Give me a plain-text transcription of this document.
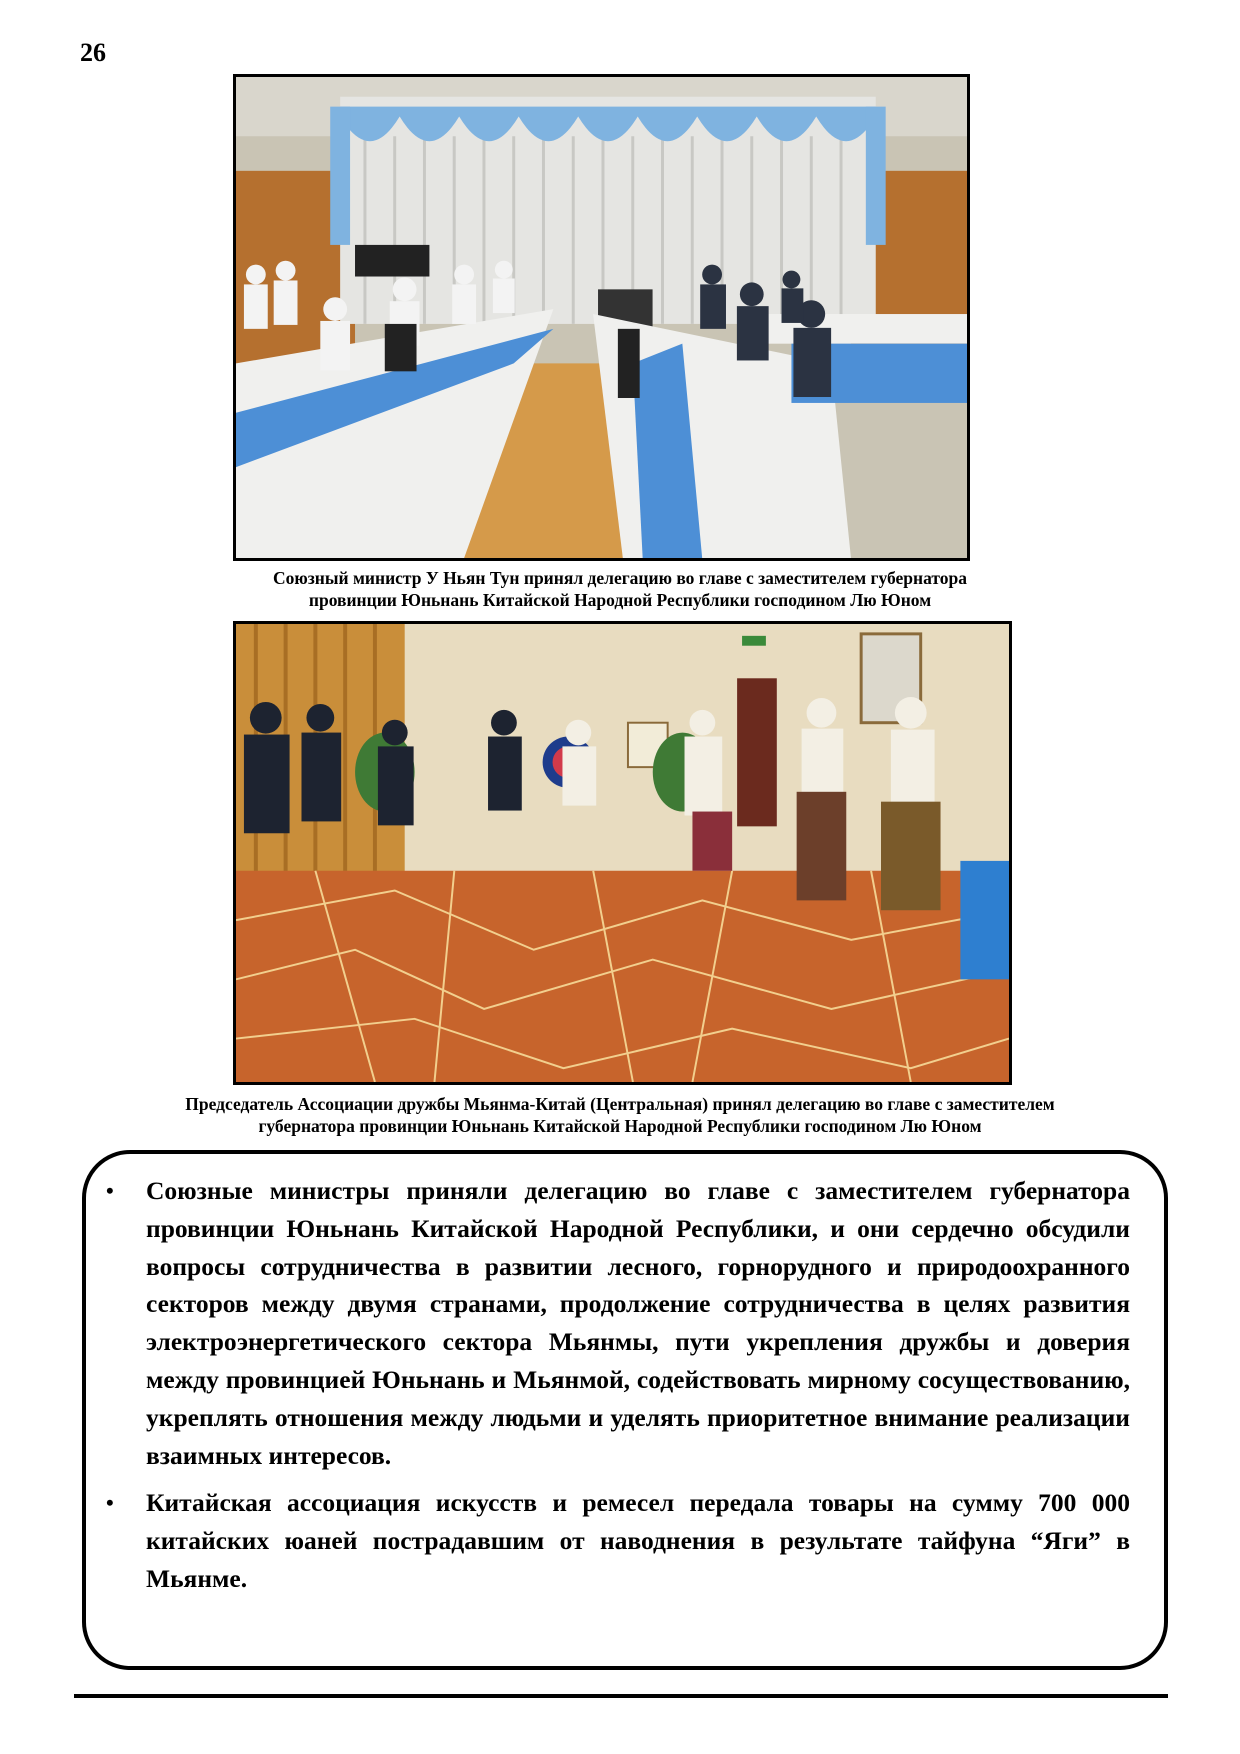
26
Союзный министр У Ньян Тун принял делегацию во главе с заместителем губернатора
провинции Юньнань Китайской Народной Республики господином Лю Юном
Председатель Ассоциации дружбы Мьянма-Китай (Центральная) принял делегацию во главе с заместителем
губернатора провинции Юньнань Китайской Народной Республики господином Лю Юном
• Союзные министры приняли делегацию во главе с заместителем губернатора провинции Юньнань Китайской Народной Республики, и они сердечно обсудили вопросы сотрудничества в развитии лесного, горнорудного и природоохранного секторов между двумя странами, продолжение сотрудничества в целях развития электроэнергетического сектора Мьянмы, пути укрепления дружбы и доверия между провинцией Юньнань и Мьянмой, содействовать мирному сосуществованию, укреплять отношения между людьми и уделять приоритетное внимание реализации взаимных интересов.
• Китайская ассоциация искусств и ремесел передала товары на сумму 700 000 китайских юаней пострадавшим от наводнения в результате тайфуна “Яги” в Мьянме.
